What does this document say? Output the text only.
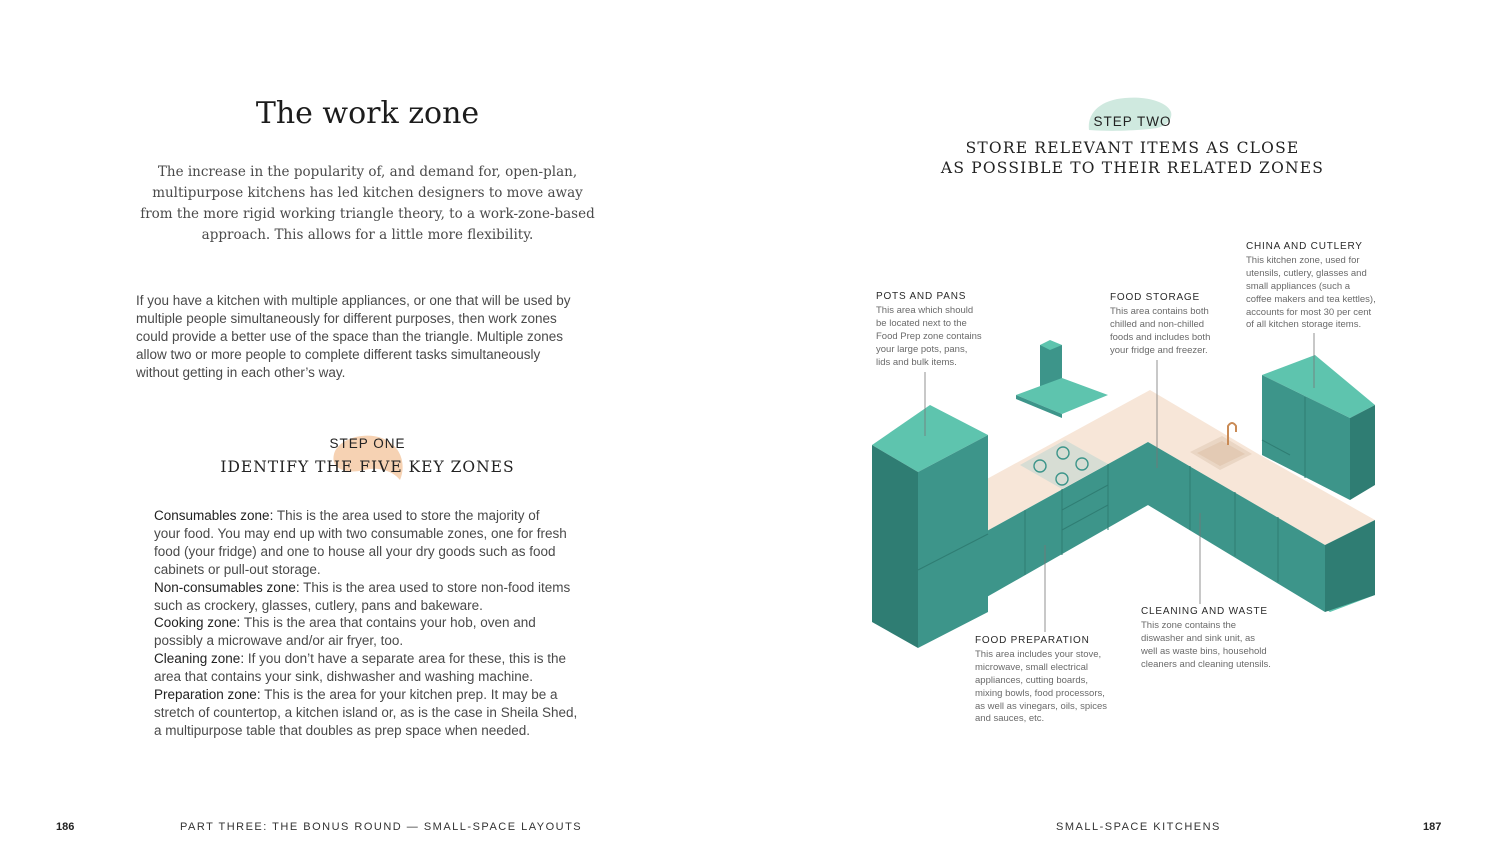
The work zone

The increase in the popularity of, and demand for, open-plan,
multipurpose kitchens has led kitchen designers to move away
from the more rigid working triangle theory, to a work-zone-based
approach. This allows for a little more flexibility.

If you have a kitchen with multiple appliances, or one that will be used by
multiple people simultaneously for different purposes, then work zones
could provide a better use of the space than the triangle. Multiple zones
allow two or more people to complete different tasks simultaneously
without getting in each other’s way.

STEP ONE
IDENTIFY THE FIVE KEY ZONES

Consumables zone: This is the area used to store the majority of
your food. You may end up with two consumable zones, one for fresh
food (your fridge) and one to house all your dry goods such as food
cabinets or pull-out storage.

Non-consumables zone: This is the area used to store non-food items
such as crockery, glasses, cutlery, pans and bakeware.

Cooking zone: This is the area that contains your hob, oven and
possibly a microwave and/or air fryer, too.

Cleaning zone: If you don’t have a separate area for these, this is the
area that contains your sink, dishwasher and washing machine.

Preparation zone: This is the area for your kitchen prep. It may be a
stretch of countertop, a kitchen island or, as is the case in Sheila Shed,
a multipurpose table that doubles as prep space when needed.

186	PART THREE: THE BONUS ROUND — SMALL-SPACE LAYOUTS
STEP TWO
STORE RELEVANT ITEMS AS CLOSE
AS POSSIBLE TO THEIR RELATED ZONES
POTS AND PANS
This area which should
be located next to the
Food Prep zone contains
your large pots, pans,
lids and bulk items.
FOOD STORAGE
This area contains both
chilled and non-chilled
foods and includes both
your fridge and freezer.
CHINA AND CUTLERY
This kitchen zone, used for
utensils, cutlery, glasses and
small appliances (such a
coffee makers and tea kettles),
accounts for most 30 per cent
of all kitchen storage items.
FOOD PREPARATION
This area includes your stove,
microwave, small electrical
appliances, cutting boards,
mixing bowls, food processors,
as well as vinegars, oils, spices
and sauces, etc.
CLEANING AND WASTE
This zone contains the
diswasher and sink unit, as
well as waste bins, household
cleaners and cleaning utensils.
SMALL-SPACE KITCHENS	187
